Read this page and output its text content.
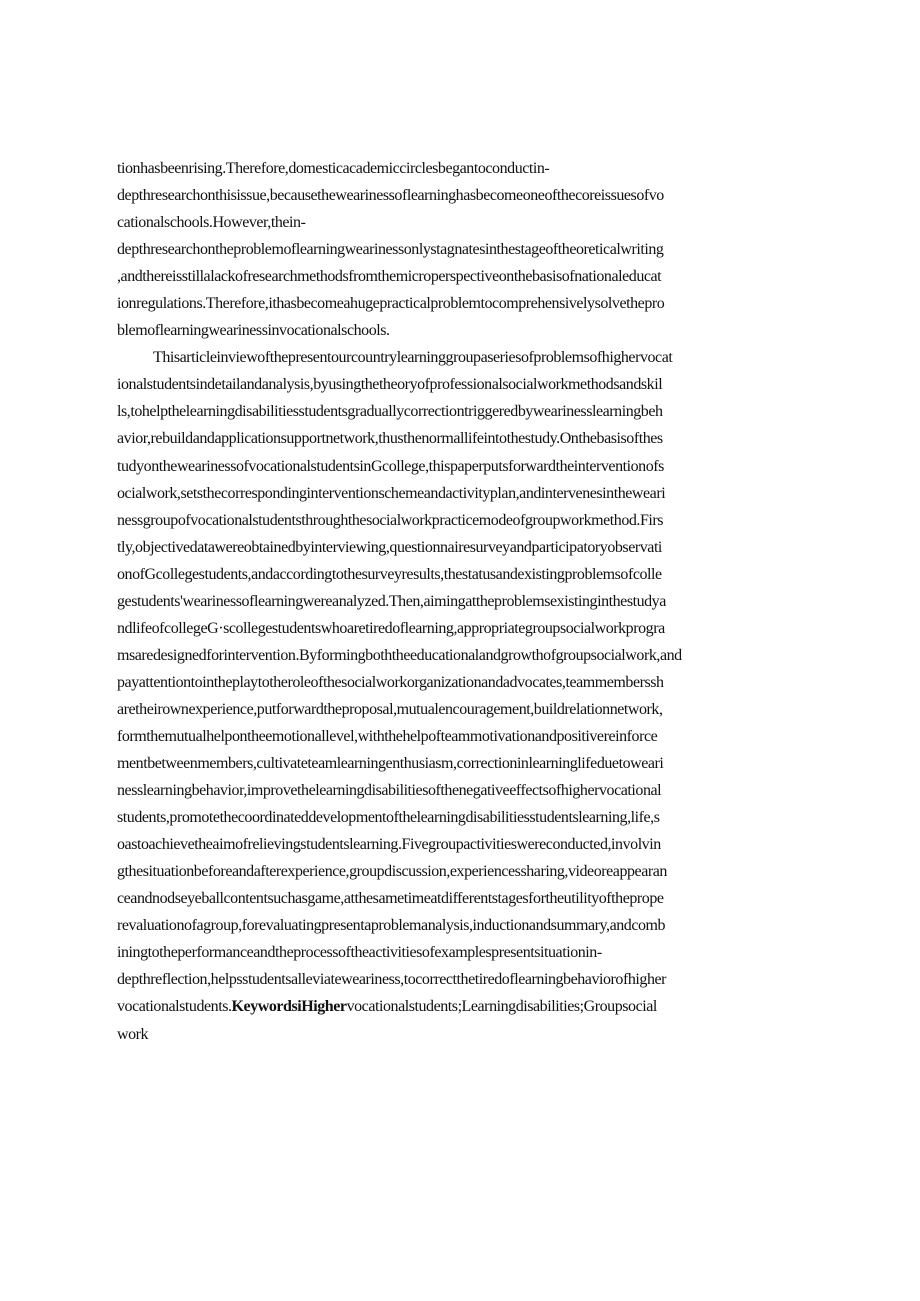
tionhasbeenrising.Therefore,domesticacademiccirclesbegantoconductin-
depthresearchonthisissue,becausethewearinessoflearninghasbecomeoneofthecoreissuesofvo
cationalschools.However,thein-
depthresearchontheproblemoflearningwearinessonlystagnatesinthestageoftheoreticalwriting
,andthereisstillalackofresearchmethodsfromthemicroperspectiveonthebasisofnationaleducat
ionregulations.Therefore,ithasbecomeahugepracticalproblemtocomprehensivelysolvethepro
blemoflearningwearinessinvocationalschools.
Thisarticleinviewofthepresentourcountrylearninggroupaseriesofproblemsofhighervocat
ionalstudentsindetailandanalysis,byusingthetheoryofprofessionalsocialworkmethodsandskil
ls,tohelpthelearningdisabilitiesstudentsgraduallycorrectiontriggeredbywearinesslearningbeh
avior,rebuildandapplicationsupportnetwork,thusthenormallifeintothestudy.Onthebasisofthes
tudyonthewearinessofvocationalstudentsinGcollege,thispaperputsforwardtheinterventionofs
ocialwork,setsthecorrespondinginterventionschemeandactivityplan,andintervenesintheweari
nessgroupofvocationalstudentsthroughthesocialworkpracticemodeofgroupworkmethod.Firs
tly,objectivedatawereobtainedbyinterviewing,questionnairesurveyandparticipatoryobservati
onofGcollegestudents,andaccordingtothesurveyresults,thestatusandexistingproblemsofcolle
gestudents'wearinessoflearningwereanalyzed.Then,aimingattheproblemsexistinginthestudya
ndlifeofcollegeG·scollegestudentswhoaretiredoflearning,appropriategroupsocialworkprogra
msaredesignedforintervention.Byformingboththeeducationalandgrowthofgroupsocialwork,and
payattentiontointheplaytotheroleofthesocialworkorganizationandadvocates,teammemberssh
aretheirownexperience,putforwardtheproposal,mutualencouragement,buildrelationnetwork,
formthemutualhelpontheemotionallevel,withthehelpofteammotivationandpositivereinforce
mentbetweenmembers,cultivateteamlearningenthusiasm,correctioninlearninglifeduetoweari
nesslearningbehavior,improvethelearningdisabilitiesofthenegativeeffectsofhighervocational
students,promotethecoordinateddevelopmentofthelearningdisabilitiesstudentslearning,life,s
oastoachievetheaimofrelievingstudentslearning.Fivegroupactivitieswereconducted,involvin
gthesituationbeforeandafterexperience,groupdiscussion,experiencessharing,videoreappearan
ceandnodseyeballcontentsuchasgame,atthesametimeatdifferentstagesfortheutilityofthepropе
revaluationofagroup,forevaluatingpresentaproblemanalysis,inductionandsummary,andcomb
iningtotheperformanceandtheprocessoftheactivitiesofexamplespresentsituationin-
depthreflection,helpsstudentsalleviateweariness,tocorrectthetiredoflearningbehaviorofhigher
vocationalstudents.KeywordsiHighervocationalstudents;Learningdisabilities;Groupsocial
work
